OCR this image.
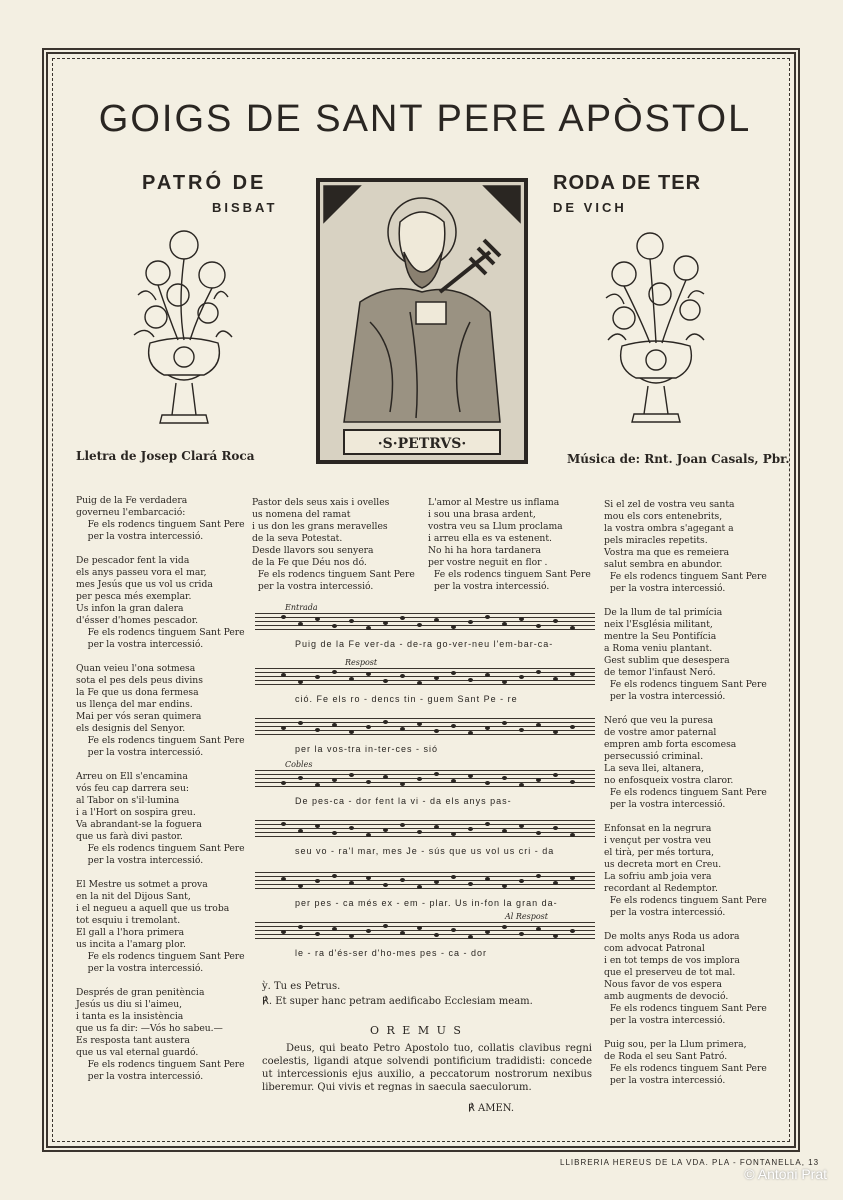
GOIGS DE SANT PERE APÒSTOL
PATRÓ DE
BISBAT
RODA DE TER
DE VICH
·S·PETRVS·
Lletra de Josep Clará Roca	Música de: Rnt. Joan Casals, Pbr.
Puig de la Fe verdadera
governeu l'embarcació:
Fe els rodencs tinguem Sant Pere
per la vostra intercessió.

De pescador fent la vida
els anys passeu vora el mar,
mes Jesús que us vol us crida
per pesca més exemplar.
Us infon la gran dalera
d'ésser d'homes pescador.
Fe els rodencs tinguem Sant Pere
per la vostra intercessió.

Quan veieu l'ona sotmesa
sota el pes dels peus divins
la Fe que us dona fermesa
us llença del mar endins.
Mai per vós seran quimera
els designis del Senyor.
Fe els rodencs tinguem Sant Pere
per la vostra intercessió.

Arreu on Ell s'encamina
vós feu cap darrera seu:
al Tabor on s'il·lumina
i a l'Hort on sospira greu.
Va abrandant-se la foguera
que us farà divi pastor.
Fe els rodencs tinguem Sant Pere
per la vostra intercessió.

El Mestre us sotmet a prova
en la nit del Dijous Sant,
i el negueu a aquell que us troba
tot esquiu i tremolant.
El gall a l'hora primera
us incita a l'amarg plor.
Fe els rodencs tinguem Sant Pere
per la vostra intercessió.

Després de gran penitència
Jesús us diu si l'aimeu,
i tanta es la insistència
que us fa dir: —Vós ho sabeu.—
Es resposta tant austera
que us val eternal guardó.
Fe els rodencs tinguem Sant Pere
per la vostra intercessió.
Pastor dels seus xais i ovelles
us nomena del ramat
i us don les grans meravelles
de la seva Potestat.
Desde llavors sou senyera
de la Fe que Déu nos dó.
Fe els rodencs tinguem Sant Pere
per la vostra intercessió.
L'amor al Mestre us inflama
i sou una brasa ardent,
vostra veu sa Llum proclama
i arreu ella es va estenent.
No hi ha hora tardanera
per vostre neguit en flor .
Fe els rodencs tinguem Sant Pere
per la vostra intercessió.
Si el zel de vostra veu santa
mou els cors entenebrits,
la vostra ombra s'agegant a
pels miracles repetits.
Vostra ma que es remeiera
salut sembra en abundor.
Fe els rodencs tinguem Sant Pere
per la vostra intercessió.

De la llum de tal primícia
neix l'Església militant,
mentre la Seu Pontifícia
a Roma veniu plantant.
Gest sublim que desespera
de temor l'infaust Neró.
Fe els rodencs tinguem Sant Pere
per la vostra intercessió.

Neró que veu la puresa
de vostre amor paternal
empren amb forta escomesa
persecussió criminal.
La seva llei, altanera,
no enfosqueix vostra claror.
Fe els rodencs tinguem Sant Pere
per la vostra intercessió.

Enfonsat en la negrura
i vençut per vostra veu
el tirà, per més tortura,
us decreta mort en Creu.
La sofriu amb joia vera
recordant al Redemptor.
Fe els rodencs tinguem Sant Pere
per la vostra intercessió.

De molts anys Roda us adora
com advocat Patronal
i en tot temps de vos implora
que el preserveu de tot mal.
Nous favor de vos espera
amb augments de devoció.
Fe els rodencs tinguem Sant Pere
per la vostra intercessió.

Puig sou, per la Llum primera,
de Roda el seu Sant Patró.
Fe els rodencs tinguem Sant Pere
per la vostra intercessió.
Puig de la Fe ver-da - de-ra go-ver-neu l'em-bar-ca-
Entrada
ció. Fe els ro - dencs tin - guem Sant Pe - re
Respost
per la vos-tra in-ter-ces - sió
De pes-ca - dor fent la vi - da els anys pas-
Cobles
seu vo - ra'l mar, mes Je - sús que us vol us cri - da
per pes - ca més ex - em - plar. Us in-fon la gran da-
le - ra d'és-ser d'ho-mes pes - ca - dor
Al Respost
ỳ. Tu es Petrus.
℟. Et super hanc petram aedificabo Ecclesiam meam.
O R E M U S
Deus, qui beato Petro Apostolo tuo, collatis clavibus regni coelestis, ligandi atque solvendi pontificium tradidisti: concede ut intercessionis ejus auxilio, a peccatorum nostrorum nexibus liberemur. Qui vivis et regnas in saecula saeculorum.
℟ AMEN.
LLIBRERIA HEREUS DE LA VDA. PLA - FONTANELLA, 13
© Antoni Prat
